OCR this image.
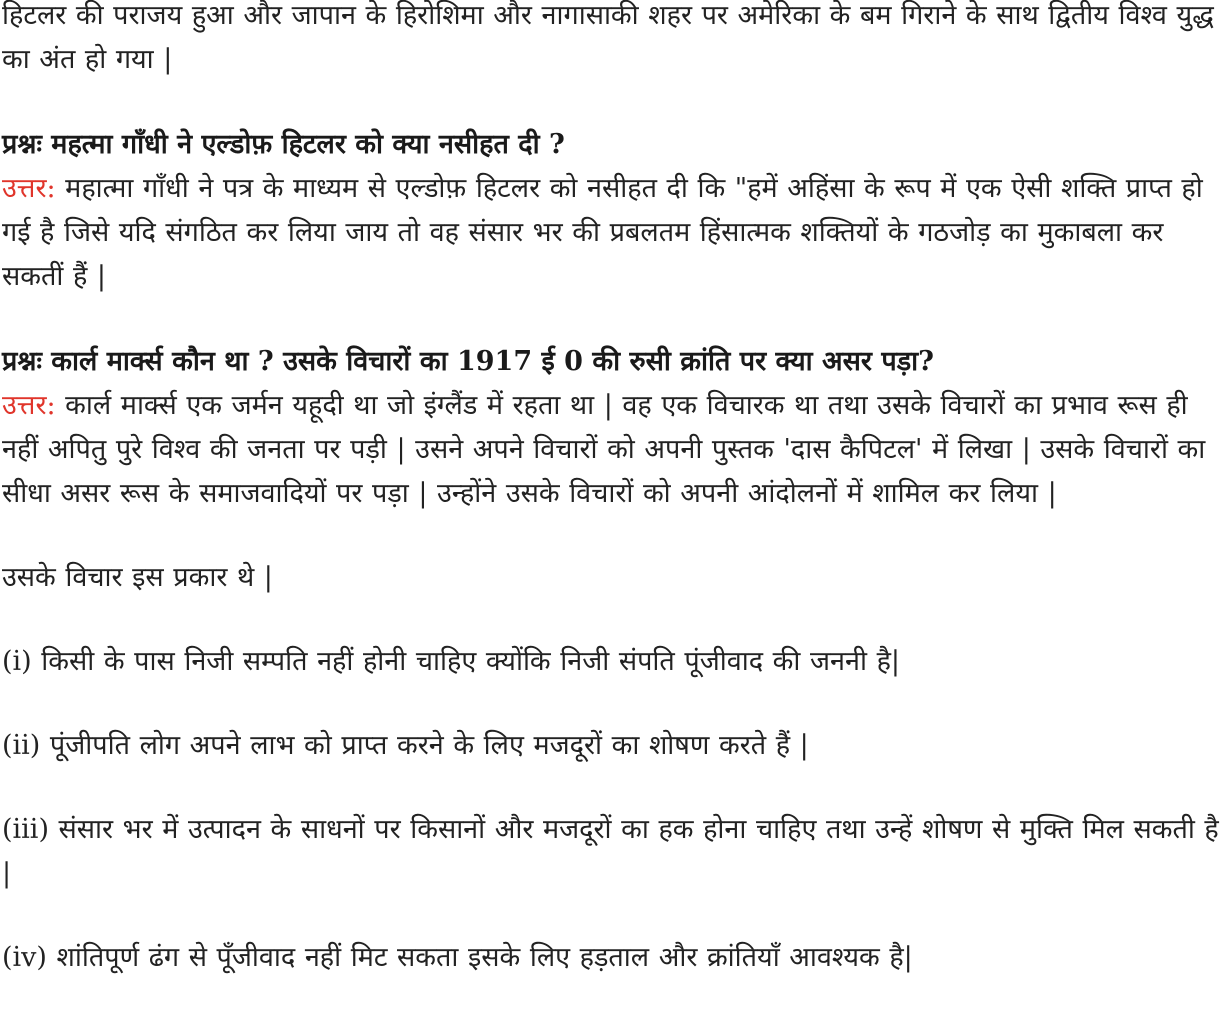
हिटलर की पराजय हुआ और जापान के हिरोशिमा और नागासाकी शहर पर अमेरिका के बम गिराने के साथ द्वितीय विश्व युद्ध का अंत हो गया |

प्रश्नः महत्मा गाँधी ने एल्डोफ़ हिटलर को क्या नसीहत दी ?

उत्तर: महात्मा गाँधी ने पत्र के माध्यम से एल्डोफ़ हिटलर को नसीहत दी कि "हमें अहिंसा के रूप में एक ऐसी शक्ति प्राप्त हो गई है जिसे यदि संगठित कर लिया जाय तो वह संसार भर की प्रबलतम हिंसात्मक शक्तियों के गठजोड़ का मुकाबला कर सकतीं हैं |

प्रश्नः कार्ल मार्क्स कौन था ? उसके विचारों का 1917 ई 0 की रुसी क्रांति पर क्या असर पड़ा?

उत्तर: कार्ल मार्क्स एक जर्मन यहूदी था जो इंग्लैंड में रहता था | वह एक विचारक था तथा उसके विचारों का प्रभाव रूस ही नहीं अपितु पुरे विश्व की जनता पर पड़ी | उसने अपने विचारों को अपनी पुस्तक 'दास कैपिटल' में लिखा | उसके विचारों का सीधा असर रूस के समाजवादियों पर पड़ा | उन्होंने उसके विचारों को अपनी आंदोलनों में शामिल कर लिया |

उसके विचार इस प्रकार थे |

(i) किसी के पास निजी सम्पति नहीं होनी चाहिए क्योंकि निजी संपति पूंजीवाद की जननी है|

(ii) पूंजीपति लोग अपने लाभ को प्राप्त करने के लिए मजदूरों का शोषण करते हैं |

(iii) संसार भर में उत्पादन के साधनों पर किसानों और मजदूरों का हक होना चाहिए तथा उन्हें शोषण से मुक्ति मिल सकती है |

(iv) शांतिपूर्ण ढंग से पूँजीवाद नहीं मिट सकता इसके लिए हड़ताल और क्रांतियाँ आवश्यक है|
